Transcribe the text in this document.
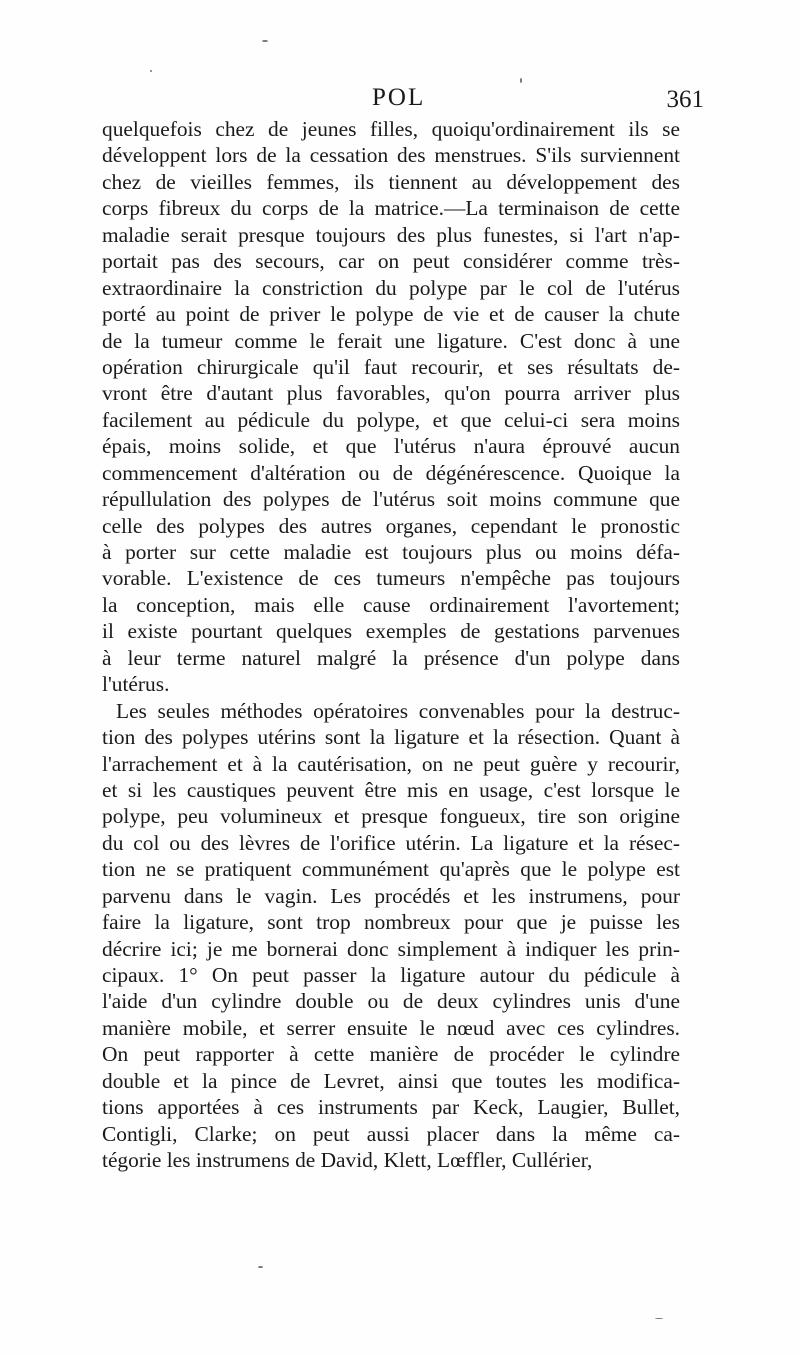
POL	361
quelquefois chez de jeunes filles, quoiqu'ordinairement ils se
développent lors de la cessation des menstrues. S'ils surviennent
chez de vieilles femmes, ils tiennent au développement des
corps fibreux du corps de la matrice.—La terminaison de cette
maladie serait presque toujours des plus funestes, si l'art n'ap-
portait pas des secours, car on peut considérer comme très-
extraordinaire la constriction du polype par le col de l'utérus
porté au point de priver le polype de vie et de causer la chute
de la tumeur comme le ferait une ligature. C'est donc à une
opération chirurgicale qu'il faut recourir, et ses résultats de-
vront être d'autant plus favorables, qu'on pourra arriver plus
facilement au pédicule du polype, et que celui-ci sera moins
épais, moins solide, et que l'utérus n'aura éprouvé aucun
commencement d'altération ou de dégénérescence. Quoique la
répullulation des polypes de l'utérus soit moins commune que
celle des polypes des autres organes, cependant le pronostic
à porter sur cette maladie est toujours plus ou moins défa-
vorable. L'existence de ces tumeurs n'empêche pas toujours
la conception, mais elle cause ordinairement l'avortement;
il existe pourtant quelques exemples de gestations parvenues
à leur terme naturel malgré la présence d'un polype dans
l'utérus.
Les seules méthodes opératoires convenables pour la destruc-
tion des polypes utérins sont la ligature et la résection. Quant à
l'arrachement et à la cautérisation, on ne peut guère y recourir,
et si les caustiques peuvent être mis en usage, c'est lorsque le
polype, peu volumineux et presque fongueux, tire son origine
du col ou des lèvres de l'orifice utérin. La ligature et la résec-
tion ne se pratiquent communément qu'après que le polype est
parvenu dans le vagin. Les procédés et les instrumens, pour
faire la ligature, sont trop nombreux pour que je puisse les
décrire ici; je me bornerai donc simplement à indiquer les prin-
cipaux. 1° On peut passer la ligature autour du pédicule à
l'aide d'un cylindre double ou de deux cylindres unis d'une
manière mobile, et serrer ensuite le nœud avec ces cylindres.
On peut rapporter à cette manière de procéder le cylindre
double et la pince de Levret, ainsi que toutes les modifica-
tions apportées à ces instruments par Keck, Laugier, Bullet,
Contigli, Clarke; on peut aussi placer dans la même ca-
tégorie les instrumens de David, Klett, Lœffler, Cullérier,
